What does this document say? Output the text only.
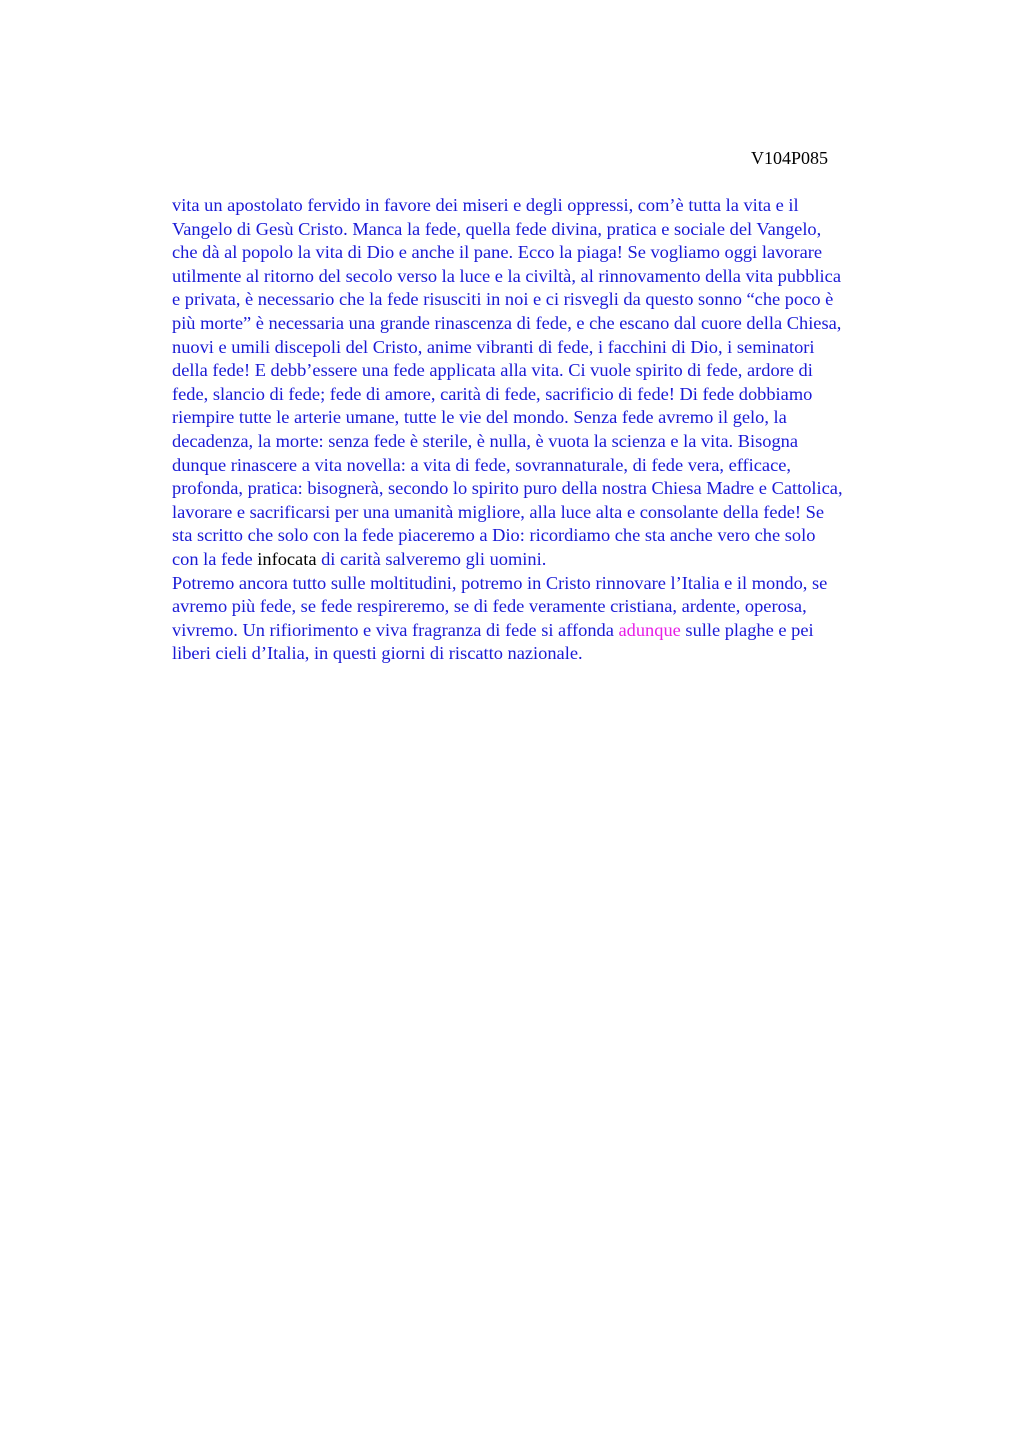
V104P085

vita un apostolato fervido in favore dei miseri e degli oppressi, com’è tutta la vita e il
Vangelo di Gesù Cristo. Manca la fede, quella fede divina, pratica e sociale del Vangelo,
che dà al popolo la vita di Dio e anche il pane. Ecco la piaga! Se vogliamo oggi lavorare
utilmente al ritorno del secolo verso la luce e la civiltà, al rinnovamento della vita pubblica
e privata, è necessario che la fede risusciti in noi e ci risvegli da questo sonno “che poco è
più morte” è necessaria una grande rinascenza di fede, e che escano dal cuore della Chiesa,
nuovi e umili discepoli del Cristo, anime vibranti di fede, i facchini di Dio, i seminatori
della fede! E debb’essere una fede applicata alla vita. Ci vuole spirito di fede, ardore di
fede, slancio di fede; fede di amore, carità di fede, sacrificio di fede! Di fede dobbiamo
riempire tutte le arterie umane, tutte le vie del mondo. Senza fede avremo il gelo, la
decadenza, la morte: senza fede è sterile, è nulla, è vuota la scienza e la vita. Bisogna
dunque rinascere a vita novella: a vita di fede, sovrannaturale, di fede vera, efficace,
profonda, pratica: bisognerà, secondo lo spirito puro della nostra Chiesa Madre e Cattolica,
lavorare e sacrificarsi per una umanità migliore, alla luce alta e consolante della fede! Se
sta scritto che solo con la fede piaceremo a Dio: ricordiamo che sta anche vero che solo
con la fede infocata di carità salveremo gli uomini.

Potremo ancora tutto sulle moltitudini, potremo in Cristo rinnovare l’Italia e il mondo, se
avremo più fede, se fede respireremo, se di fede veramente cristiana, ardente, operosa,
vivremo. Un rifiorimento e viva fragranza di fede si affonda adunque sulle plaghe e pei
liberi cieli d’Italia, in questi giorni di riscatto nazionale.
